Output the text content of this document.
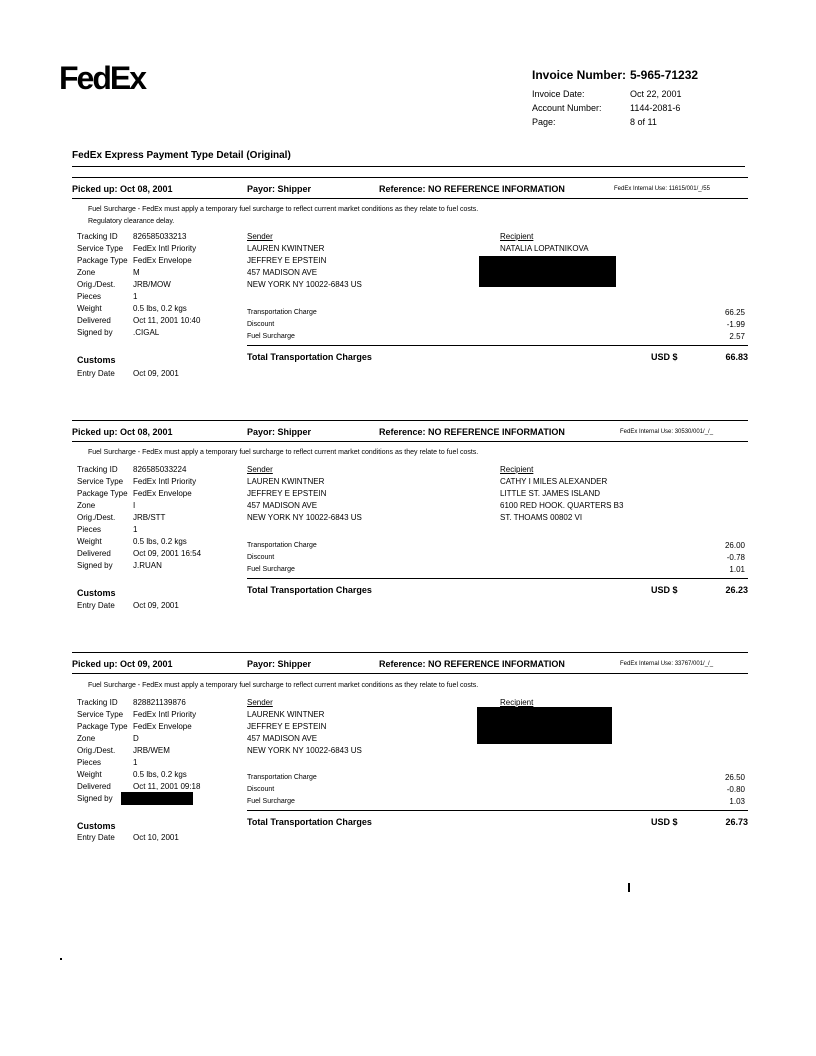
FedEx	Invoice Number: 5-965-71232
Invoice Date:	Oct 22, 2001
Account Number:	1144-2081-6
Page:	8 of 11
FedEx Express Payment Type Detail (Original)
Picked up: Oct 08, 2001	Payor: Shipper	Reference: NO REFERENCE INFORMATION	FedEx Internal Use: 11615/001/_/55
Fuel Surcharge - FedEx must apply a temporary fuel surcharge to reflect current market conditions as they relate to fuel costs.
Regulatory clearance delay.
Tracking ID	826585033213
Service Type	FedEx Intl Priority
Package Type FedEx Envelope
Zone	M
Orig./Dest.	JRB/MOW
Pieces	1
Weight	0.5 lbs, 0.2 kgs
Delivered	Oct 11, 2001 10:40
Signed by	.CIGAL
Sender
LAUREN KWINTNER
JEFFREY E EPSTEIN
457 MADISON AVE
NEW YORK NY 10022-6843 US
Recipient
NATALIA LOPATNIKOVA
Transportation Charge	66.25
Discount	-1.99
Fuel Surcharge	2.57
Total Transportation Charges	USD $	66.83
Customs
Entry Date	Oct 09, 2001
Picked up: Oct 08, 2001	Payor: Shipper	Reference: NO REFERENCE INFORMATION	FedEx Internal Use: 30530/001/_/_
Fuel Surcharge - FedEx must apply a temporary fuel surcharge to reflect current market conditions as they relate to fuel costs.
Tracking ID	826585033224
Service Type	FedEx Intl Priority
Package Type FedEx Envelope
Zone	I
Orig./Dest.	JRB/STT
Pieces	1
Weight	0.5 lbs, 0.2 kgs
Delivered	Oct 09, 2001 16:54
Signed by	J.RUAN
Sender
LAUREN KWINTNER
JEFFREY E EPSTEIN
457 MADISON AVE
NEW YORK NY 10022-6843 US
Recipient
CATHY I MILES ALEXANDER
LITTLE ST. JAMES ISLAND
6100 RED HOOK. QUARTERS B3
ST. THOAMS 00802 VI
Transportation Charge	26.00
Discount	-0.78
Fuel Surcharge	1.01
Total Transportation Charges	USD $	26.23
Customs
Entry Date	Oct 09, 2001
Picked up: Oct 09, 2001	Payor: Shipper	Reference: NO REFERENCE INFORMATION	FedEx Internal Use: 33767/001/_/_
Fuel Surcharge - FedEx must apply a temporary fuel surcharge to reflect current market conditions as they relate to fuel costs.
Tracking ID	828821139876
Service Type	FedEx Intl Priority
Package Type FedEx Envelope
Zone	D
Orig./Dest.	JRB/WEM
Pieces	1
Weight	0.5 lbs, 0.2 kgs
Delivered	Oct 11, 2001 09:18
Signed by
Sender
LAURENK WINTNER
JEFFREY E EPSTEIN
457 MADISON AVE
NEW YORK NY 10022-6843 US
Recipient
Transportation Charge	26.50
Discount	-0.80
Fuel Surcharge	1.03
Total Transportation Charges	USD $	26.73
Customs
Entry Date	Oct 10, 2001
